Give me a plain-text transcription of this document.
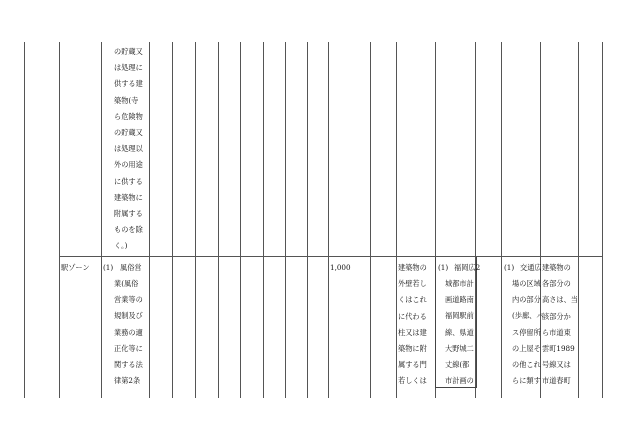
の貯蔵又
は処理に
供する建
築物(寺
ら危険物
の貯蔵又
は処理以
外の用途
に供する
建築物に
附属する
ものを除
く。)
駅ゾーン (1) 風俗営
業(風俗
営業等の
規制及び
業務の適
正化等に
関する法
律第2条
1,000	建築物の
外壁若し
くはこれ
に代わる
柱又は建
築物に附
属する門
若しくは
(1) 福岡広2
城都市計
画道路南
福岡駅前
線、県道
大野城二
丈線(都
市計画の
(1) 交通広
場の区域
内の部分
(歩廊、バ
ス停留所
の上屋そ
の他これ
らに類す
建築物の
各部分の
高さは、当
該部分か
ら市道東
雲町1989
号線又は
市道春町
